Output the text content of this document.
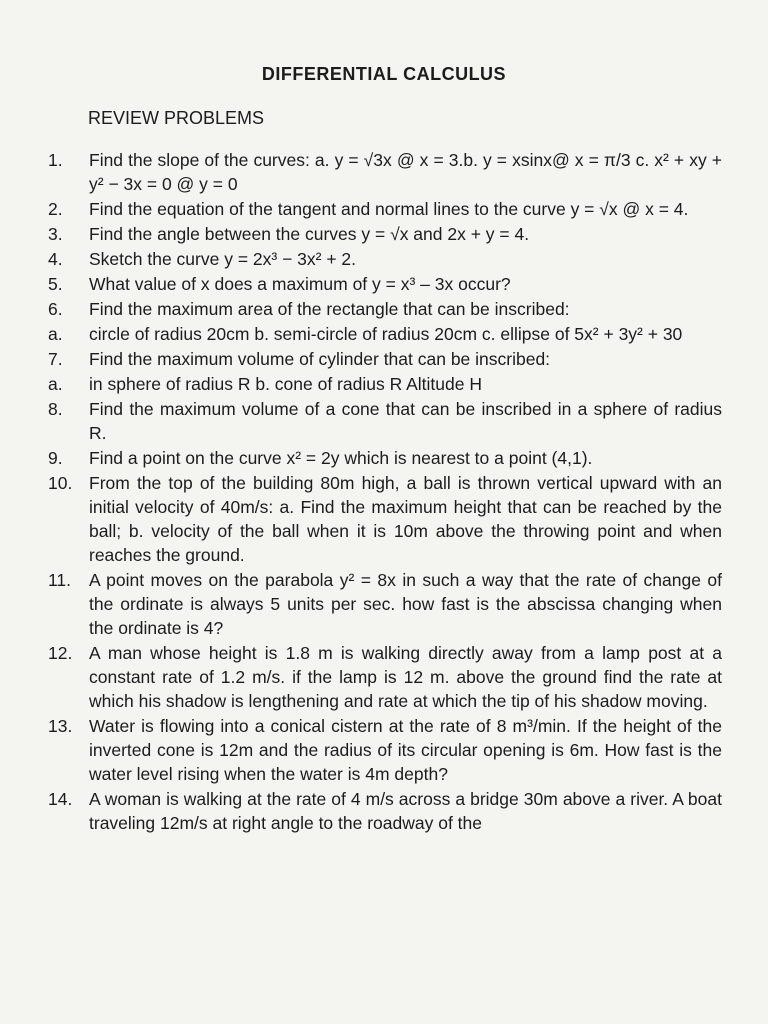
DIFFERENTIAL CALCULUS
REVIEW PROBLEMS
1.	Find the slope of the curves: a. y = √3x @ x = 3.b. y = xsinx@ x = π/3 c. x² + xy + y² − 3x = 0 @ y = 0
2.	Find the equation of the tangent and normal lines to the curve y = √x @ x = 4.
3.	Find the angle between the curves y = √x and 2x + y = 4.
4.	Sketch the curve y = 2x³ − 3x² + 2.
5.	What value of x does a maximum of y = x³ – 3x occur?
6.	Find the maximum area of the rectangle that can be inscribed:
a.	circle of radius 20cm b. semi-circle of radius 20cm c. ellipse of 5x² + 3y² + 30
7.	Find the maximum volume of cylinder that can be inscribed:
a.	in sphere of radius R b. cone of radius R Altitude H
8.	Find the maximum volume of a cone that can be inscribed in a sphere of radius R.
9.	Find a point on the curve x² = 2y which is nearest to a point (4,1).
10. From the top of the building 80m high, a ball is thrown vertical upward with an initial velocity of 40m/s: a. Find the maximum height that can be reached by the ball; b. velocity of the ball when it is 10m above the throwing point and when reaches the ground.
11.	A point moves on the parabola y² = 8x in such a way that the rate of change of the ordinate is always 5 units per sec. how fast is the abscissa changing when the ordinate is 4?
12. A man whose height is 1.8 m is walking directly away from a lamp post at a constant rate of 1.2 m/s. if the lamp is 12 m. above the ground find the rate at which his shadow is lengthening and rate at which the tip of his shadow moving.
13. Water is flowing into a conical cistern at the rate of 8 m³/min. If the height of the inverted cone is 12m and the radius of its circular opening is 6m. How fast is the water level rising when the water is 4m depth?
14. A woman is walking at the rate of 4 m/s across a bridge 30m above a river. A boat traveling 12m/s at right angle to the roadway of the
